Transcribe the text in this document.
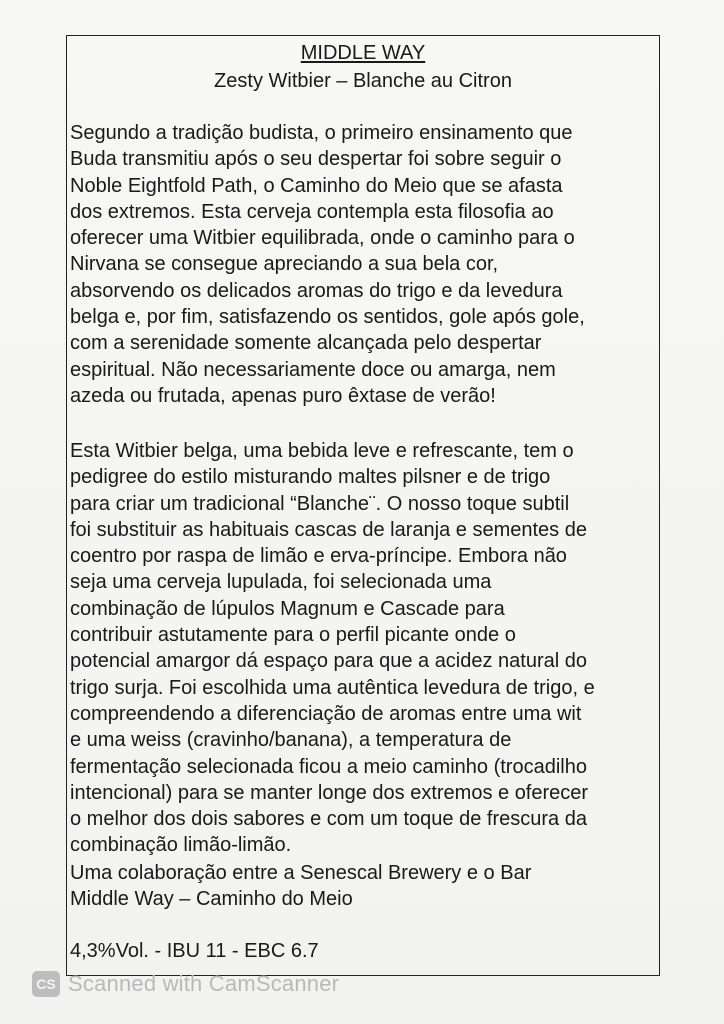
MIDDLE WAY

Zesty Witbier – Blanche au Citron

Segundo a tradição budista, o primeiro ensinamento que
Buda transmitiu após o seu despertar foi sobre seguir o
Noble Eightfold Path, o Caminho do Meio que se afasta
dos extremos. Esta cerveja contempla esta filosofia ao
oferecer uma Witbier equilibrada, onde o caminho para o
Nirvana se consegue apreciando a sua bela cor,
absorvendo os delicados aromas do trigo e da levedura
belga e, por fim, satisfazendo os sentidos, gole após gole,
com a serenidade somente alcançada pelo despertar
espiritual. Não necessariamente doce ou amarga, nem
azeda ou frutada, apenas puro êxtase de verão!

Esta Witbier belga, uma bebida leve e refrescante, tem o
pedigree do estilo misturando maltes pilsner e de trigo
para criar um tradicional “Blanche¨. O nosso toque subtil
foi substituir as habituais cascas de laranja e sementes de
coentro por raspa de limão e erva-príncipe. Embora não
seja uma cerveja lupulada, foi selecionada uma
combinação de lúpulos Magnum e Cascade para
contribuir astutamente para o perfil picante onde o
potencial amargor dá espaço para que a acidez natural do
trigo surja. Foi escolhida uma autêntica levedura de trigo, e
compreendendo a diferenciação de aromas entre uma wit
e uma weiss (cravinho/banana), a temperatura de
fermentação selecionada ficou a meio caminho (trocadilho
intencional) para se manter longe dos extremos e oferecer
o melhor dos dois sabores e com um toque de frescura da
combinação limão-limão.

Uma colaboração entre a Senescal Brewery e o Bar
Middle Way – Caminho do Meio

4,3%Vol. - IBU 11 - EBC 6.7

CS Scanned with CamScanner
